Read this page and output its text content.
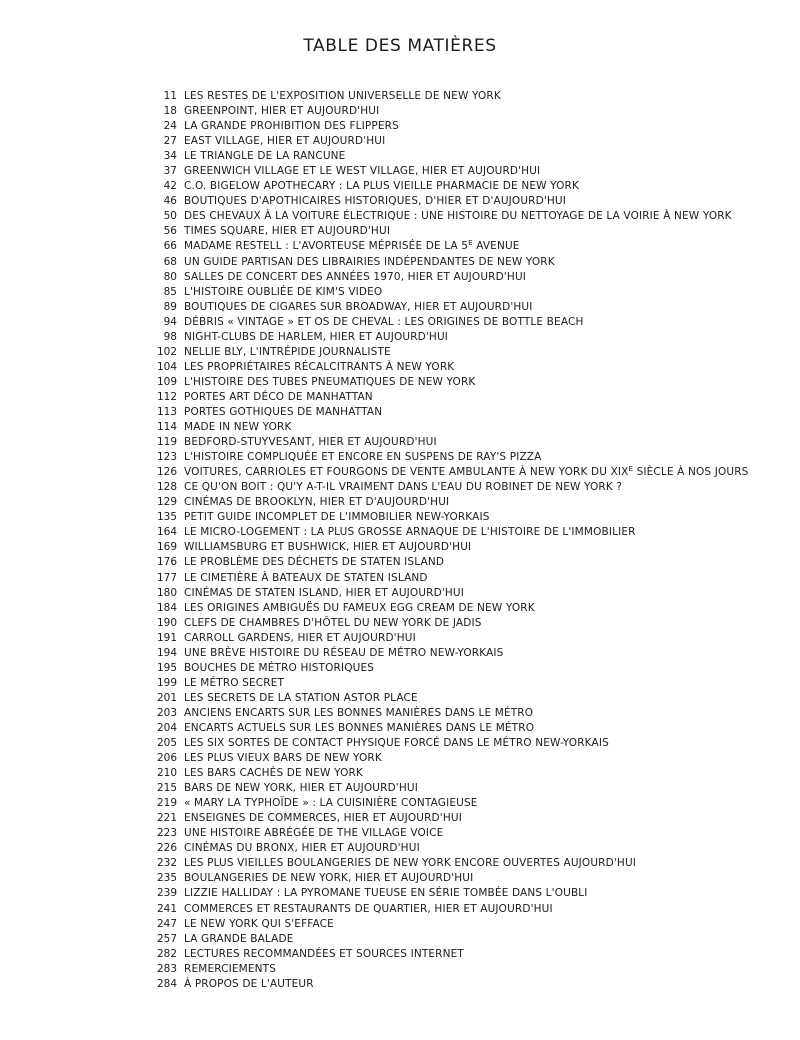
TABLE DES MATIÈRES
11 LES RESTES DE L'EXPOSITION UNIVERSELLE DE NEW YORK
18 GREENPOINT, HIER ET AUJOURD'HUI
24 LA GRANDE PROHIBITION DES FLIPPERS
27 EAST VILLAGE, HIER ET AUJOURD'HUI
34 LE TRIANGLE DE LA RANCUNE
37 GREENWICH VILLAGE ET LE WEST VILLAGE, HIER ET AUJOURD'HUI
42 C.O. BIGELOW APOTHECARY : LA PLUS VIEILLE PHARMACIE DE NEW YORK
46 BOUTIQUES D'APOTHICAIRES HISTORIQUES, D'HIER ET D'AUJOURD'HUI
50 DES CHEVAUX À LA VOITURE ÉLECTRIQUE : UNE HISTOIRE DU NETTOYAGE DE LA VOIRIE À NEW YORK
56 TIMES SQUARE, HIER ET AUJOURD'HUI
66 MADAME RESTELL : L'AVORTEUSE MÉPRISÉE DE LA $5^E$ AVENUE
68 UN GUIDE PARTISAN DES LIBRAIRIES INDÉPENDANTES DE NEW YORK
80 SALLES DE CONCERT DES ANNÉES 1970, HIER ET AUJOURD'HUI
85 L'HISTOIRE OUBLIÉE DE KIM'S VIDEO
89 BOUTIQUES DE CIGARES SUR BROADWAY, HIER ET AUJOURD'HUI
94 DÉBRIS « VINTAGE » ET OS DE CHEVAL : LES ORIGINES DE BOTTLE BEACH
98 NIGHT-CLUBS DE HARLEM, HIER ET AUJOURD'HUI
102 NELLIE BLY, L'INTRÉPIDE JOURNALISTE
104 LES PROPRIÉTAIRES RÉCALCITRANTS À NEW YORK
109 L'HISTOIRE DES TUBES PNEUMATIQUES DE NEW YORK
112 PORTES ART DÉCO DE MANHATTAN
113 PORTES GOTHIQUES DE MANHATTAN
114 MADE IN NEW YORK
119 BEDFORD-STUYVESANT, HIER ET AUJOURD'HUI
123 L'HISTOIRE COMPLIQUÉE ET ENCORE EN SUSPENS DE RAY'S PIZZA
126 VOITURES, CARRIOLES ET FOURGONS DE VENTE AMBULANTE À NEW YORK DU $XIX^E$ SIÈCLE À NOS JOURS
128 CE QU'ON BOIT : QU'Y A-T-IL VRAIMENT DANS L'EAU DU ROBINET DE NEW YORK ?
129 CINÉMAS DE BROOKLYN, HIER ET D'AUJOURD'HUI
135 PETIT GUIDE INCOMPLET DE L'IMMOBILIER NEW-YORKAIS
164 LE MICRO-LOGEMENT : LA PLUS GROSSE ARNAQUE DE L'HISTOIRE DE L'IMMOBILIER
169 WILLIAMSBURG ET BUSHWICK, HIER ET AUJOURD'HUI
176 LE PROBLÈME DES DÉCHETS DE STATEN ISLAND
177 LE CIMETIÈRE À BATEAUX DE STATEN ISLAND
180 CINÉMAS DE STATEN ISLAND, HIER ET AUJOURD'HUI
184 LES ORIGINES AMBIGUËS DU FAMEUX EGG CREAM DE NEW YORK
190 CLEFS DE CHAMBRES D'HÔTEL DU NEW YORK DE JADIS
191 CARROLL GARDENS, HIER ET AUJOURD'HUI
194 UNE BRÈVE HISTOIRE DU RÉSEAU DE MÉTRO NEW-YORKAIS
195 BOUCHES DE MÉTRO HISTORIQUES
199 LE MÉTRO SECRET
201 LES SECRETS DE LA STATION ASTOR PLACE
203 ANCIENS ENCARTS SUR LES BONNES MANIÈRES DANS LE MÉTRO
204 ENCARTS ACTUELS SUR LES BONNES MANIÈRES DANS LE MÉTRO
205 LES SIX SORTES DE CONTACT PHYSIQUE FORCÉ DANS LE MÉTRO NEW-YORKAIS
206 LES PLUS VIEUX BARS DE NEW YORK
210 LES BARS CACHÉS DE NEW YORK
215 BARS DE NEW YORK, HIER ET AUJOURD'HUI
219 « MARY LA TYPHOÏDE » : LA CUISINIÈRE CONTAGIEUSE
221 ENSEIGNES DE COMMERCES, HIER ET AUJOURD'HUI
223 UNE HISTOIRE ABRÉGÉE DE THE VILLAGE VOICE
226 CINÉMAS DU BRONX, HIER ET AUJOURD'HUI
232 LES PLUS VIEILLES BOULANGERIES DE NEW YORK ENCORE OUVERTES AUJOURD'HUI
235 BOULANGERIES DE NEW YORK, HIER ET AUJOURD'HUI
239 LIZZIE HALLIDAY : LA PYROMANE TUEUSE EN SÉRIE TOMBÉE DANS L'OUBLI
241 COMMERCES ET RESTAURANTS DE QUARTIER, HIER ET AUJOURD'HUI
247 LE NEW YORK QUI S'EFFACE
257 LA GRANDE BALADE
282 LECTURES RECOMMANDÉES ET SOURCES INTERNET
283 REMERCIEMENTS
284 À PROPOS DE L'AUTEUR
